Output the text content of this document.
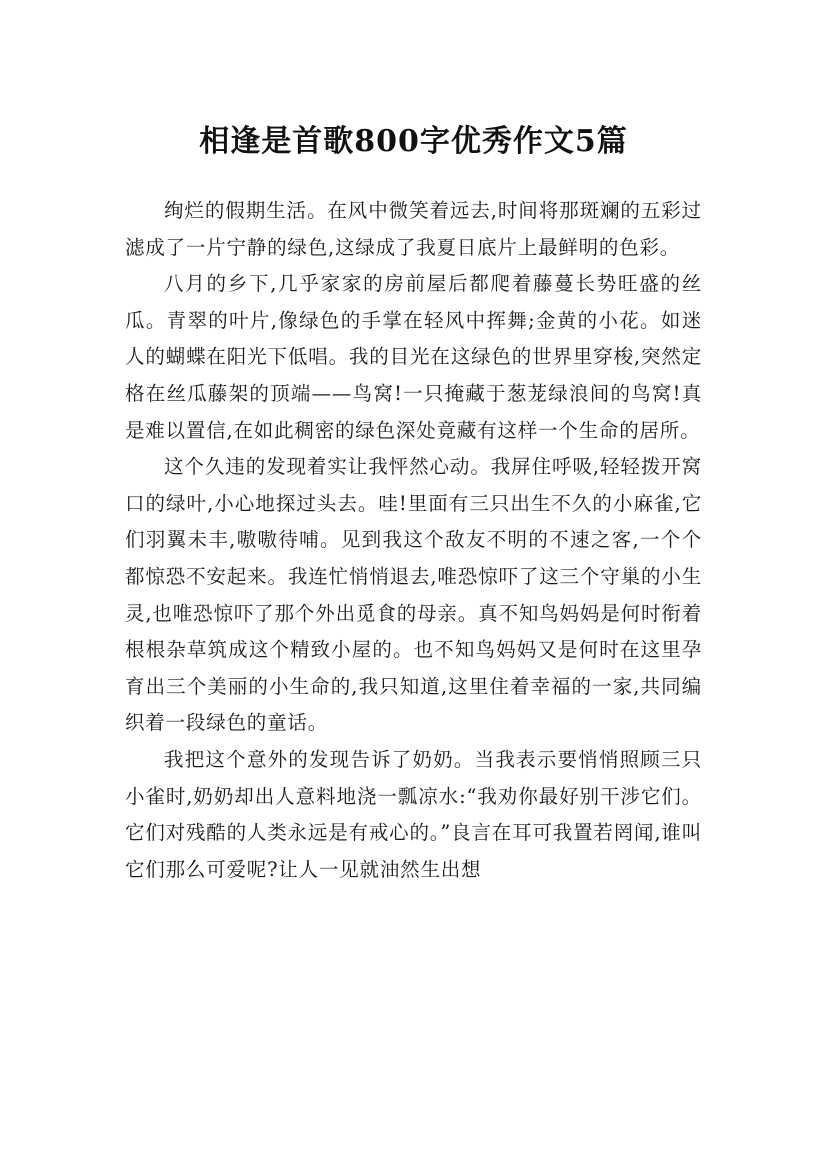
相逢是首歌800字优秀作文5篇

绚烂的假期生活。在风中微笑着远去,时间将那斑斓的五彩过滤成了一片宁静的绿色,这绿成了我夏日底片上最鲜明的色彩。

八月的乡下,几乎家家的房前屋后都爬着藤蔓长势旺盛的丝瓜。青翠的叶片,像绿色的手掌在轻风中挥舞;金黄的小花。如迷人的蝴蝶在阳光下低唱。我的目光在这绿色的世界里穿梭,突然定格在丝瓜藤架的顶端——鸟窝!一只掩藏于葱茏绿浪间的鸟窝!真是难以置信,在如此稠密的绿色深处竟藏有这样一个生命的居所。

这个久违的发现着实让我怦然心动。我屏住呼吸,轻轻拨开窝口的绿叶,小心地探过头去。哇!里面有三只出生不久的小麻雀,它们羽翼未丰,嗷嗷待哺。见到我这个敌友不明的不速之客,一个个都惊恐不安起来。我连忙悄悄退去,唯恐惊吓了这三个守巢的小生灵,也唯恐惊吓了那个外出觅食的母亲。真不知鸟妈妈是何时衔着根根杂草筑成这个精致小屋的。也不知鸟妈妈又是何时在这里孕育出三个美丽的小生命的,我只知道,这里住着幸福的一家,共同编织着一段绿色的童话。

我把这个意外的发现告诉了奶奶。当我表示要悄悄照顾三只小雀时,奶奶却出人意料地浇一瓢凉水:“我劝你最好别干涉它们。它们对残酷的人类永远是有戒心的。”良言在耳可我置若罔闻,谁叫它们那么可爱呢?让人一见就油然生出想
